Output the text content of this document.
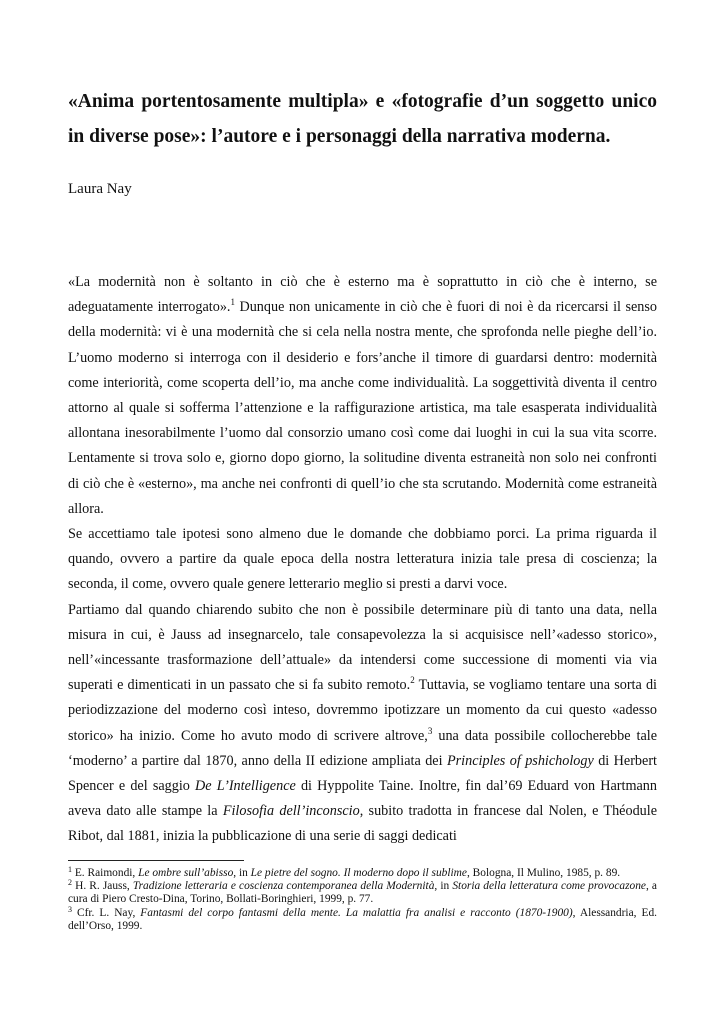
«Anima portentosamente multipla» e «fotografie d’un soggetto unico in diverse pose»: l’autore e i personaggi della narrativa moderna.
Laura Nay

«La modernità non è soltanto in ciò che è esterno ma è soprattutto in ciò che è interno, se adeguatamente interrogato».$^1$ Dunque non unicamente in ciò che è fuori di noi è da ricercarsi il senso della modernità: vi è una modernità che si cela nella nostra mente, che sprofonda nelle pieghe dell’io. L’uomo moderno si interroga con il desiderio e fors’anche il timore di guardarsi dentro: modernità come interiorità, come scoperta dell’io, ma anche come individualità. La soggettività diventa il centro attorno al quale si sofferma l’attenzione e la raffigurazione artistica, ma tale esasperata individualità allontana inesorabilmente l’uomo dal consorzio umano così come dai luoghi in cui la sua vita scorre. Lentamente si trova solo e, giorno dopo giorno, la solitudine diventa estraneità non solo nei confronti di ciò che è «esterno», ma anche nei confronti di quell’io che sta scrutando. Modernità come estraneità allora.

Se accettiamo tale ipotesi sono almeno due le domande che dobbiamo porci. La prima riguarda il quando, ovvero a partire da quale epoca della nostra letteratura inizia tale presa di coscienza; la seconda, il come, ovvero quale genere letterario meglio si presti a darvi voce.

Partiamo dal quando chiarendo subito che non è possibile determinare più di tanto una data, nella misura in cui, è Jauss ad insegnarcelo, tale consapevolezza la si acquisisce nell’«adesso storico», nell’«incessante trasformazione dell’attuale» da intendersi come successione di momenti via via superati e dimenticati in un passato che si fa subito remoto.$^2$ Tuttavia, se vogliamo tentare una sorta di periodizzazione del moderno così inteso, dovremmo ipotizzare un momento da cui questo «adesso storico» ha inizio. Come ho avuto modo di scrivere altrove,$^3$ una data possibile collocherebbe tale ‘moderno’ a partire dal 1870, anno della II edizione ampliata dei Principles of pshichology di Herbert Spencer e del saggio De L’Intelligence di Hyppolite Taine. Inoltre, fin dal’69 Eduard von Hartmann aveva dato alle stampe la Filosofia dell’inconscio, subito tradotta in francese dal Nolen, e Théodule Ribot, dal 1881, inizia la pubblicazione di una serie di saggi dedicati

$^1$ E. Raimondi, Le ombre sull’abisso, in Le pietre del sogno. Il moderno dopo il sublime, Bologna, Il Mulino, 1985, p. 89.

$^2$ H. R. Jauss, Tradizione letteraria e coscienza contemporanea della Modernità, in Storia della letteratura come provocazone, a cura di Piero Cresto-Dina, Torino, Bollati-Boringhieri, 1999, p. 77.

$^3$ Cfr. L. Nay, Fantasmi del corpo fantasmi della mente. La malattia fra analisi e racconto (1870-1900), Alessandria, Ed. dell’Orso, 1999.
